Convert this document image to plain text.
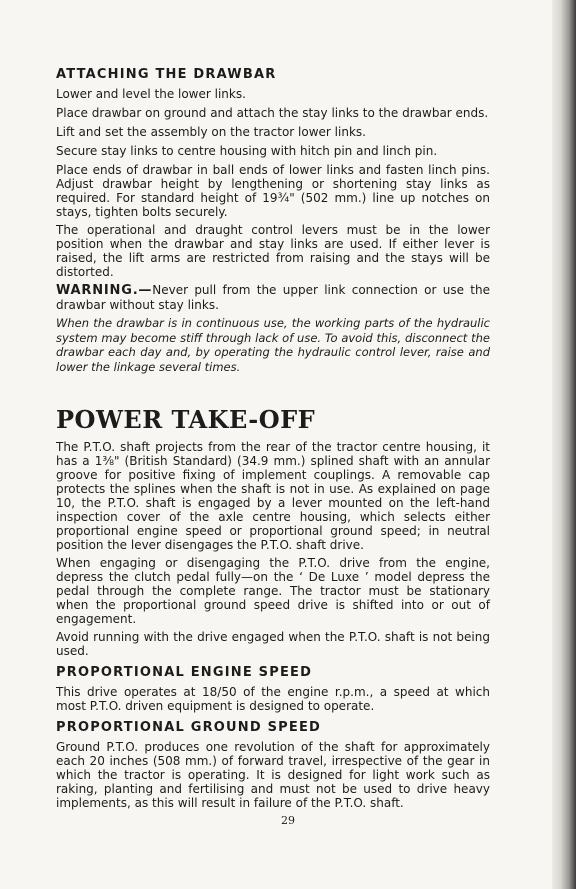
ATTACHING THE DRAWBAR

Lower and level the lower links.

Place drawbar on ground and attach the stay links to the drawbar ends.

Lift and set the assembly on the tractor lower links.

Secure stay links to centre housing with hitch pin and linch pin.

Place ends of drawbar in ball ends of lower links and fasten linch pins. Adjust drawbar height by lengthening or shortening stay links as required. For standard height of 19¾" (502 mm.) line up notches on stays, tighten bolts securely.

The operational and draught control levers must be in the lower position when the drawbar and stay links are used. If either lever is raised, the lift arms are restricted from raising and the stays will be distorted.

WARNING.—Never pull from the upper link connection or use the drawbar without stay links.

When the drawbar is in continuous use, the working parts of the hydraulic system may become stiff through lack of use. To avoid this, disconnect the drawbar each day and, by operating the hydraulic control lever, raise and lower the linkage several times.

POWER TAKE-OFF

The P.T.O. shaft projects from the rear of the tractor centre housing, it has a 1⅜" (British Standard) (34.9 mm.) splined shaft with an annular groove for positive fixing of implement couplings. A removable cap protects the splines when the shaft is not in use. As explained on page 10, the P.T.O. shaft is engaged by a lever mounted on the left-hand inspection cover of the axle centre housing, which selects either proportional engine speed or proportional ground speed; in neutral position the lever disengages the P.T.O. shaft drive.

When engaging or disengaging the P.T.O. drive from the engine, depress the clutch pedal fully—on the ‘ De Luxe ’ model depress the pedal through the complete range. The tractor must be stationary when the proportional ground speed drive is shifted into or out of engagement.

Avoid running with the drive engaged when the P.T.O. shaft is not being used.

PROPORTIONAL ENGINE SPEED

This drive operates at 18/50 of the engine r.p.m., a speed at which most P.T.O. driven equipment is designed to operate.

PROPORTIONAL GROUND SPEED

Ground P.T.O. produces one revolution of the shaft for approximately each 20 inches (508 mm.) of forward travel, irrespective of the gear in which the tractor is operating. It is designed for light work such as raking, planting and fertilising and must not be used to drive heavy implements, as this will result in failure of the P.T.O. shaft.

29
